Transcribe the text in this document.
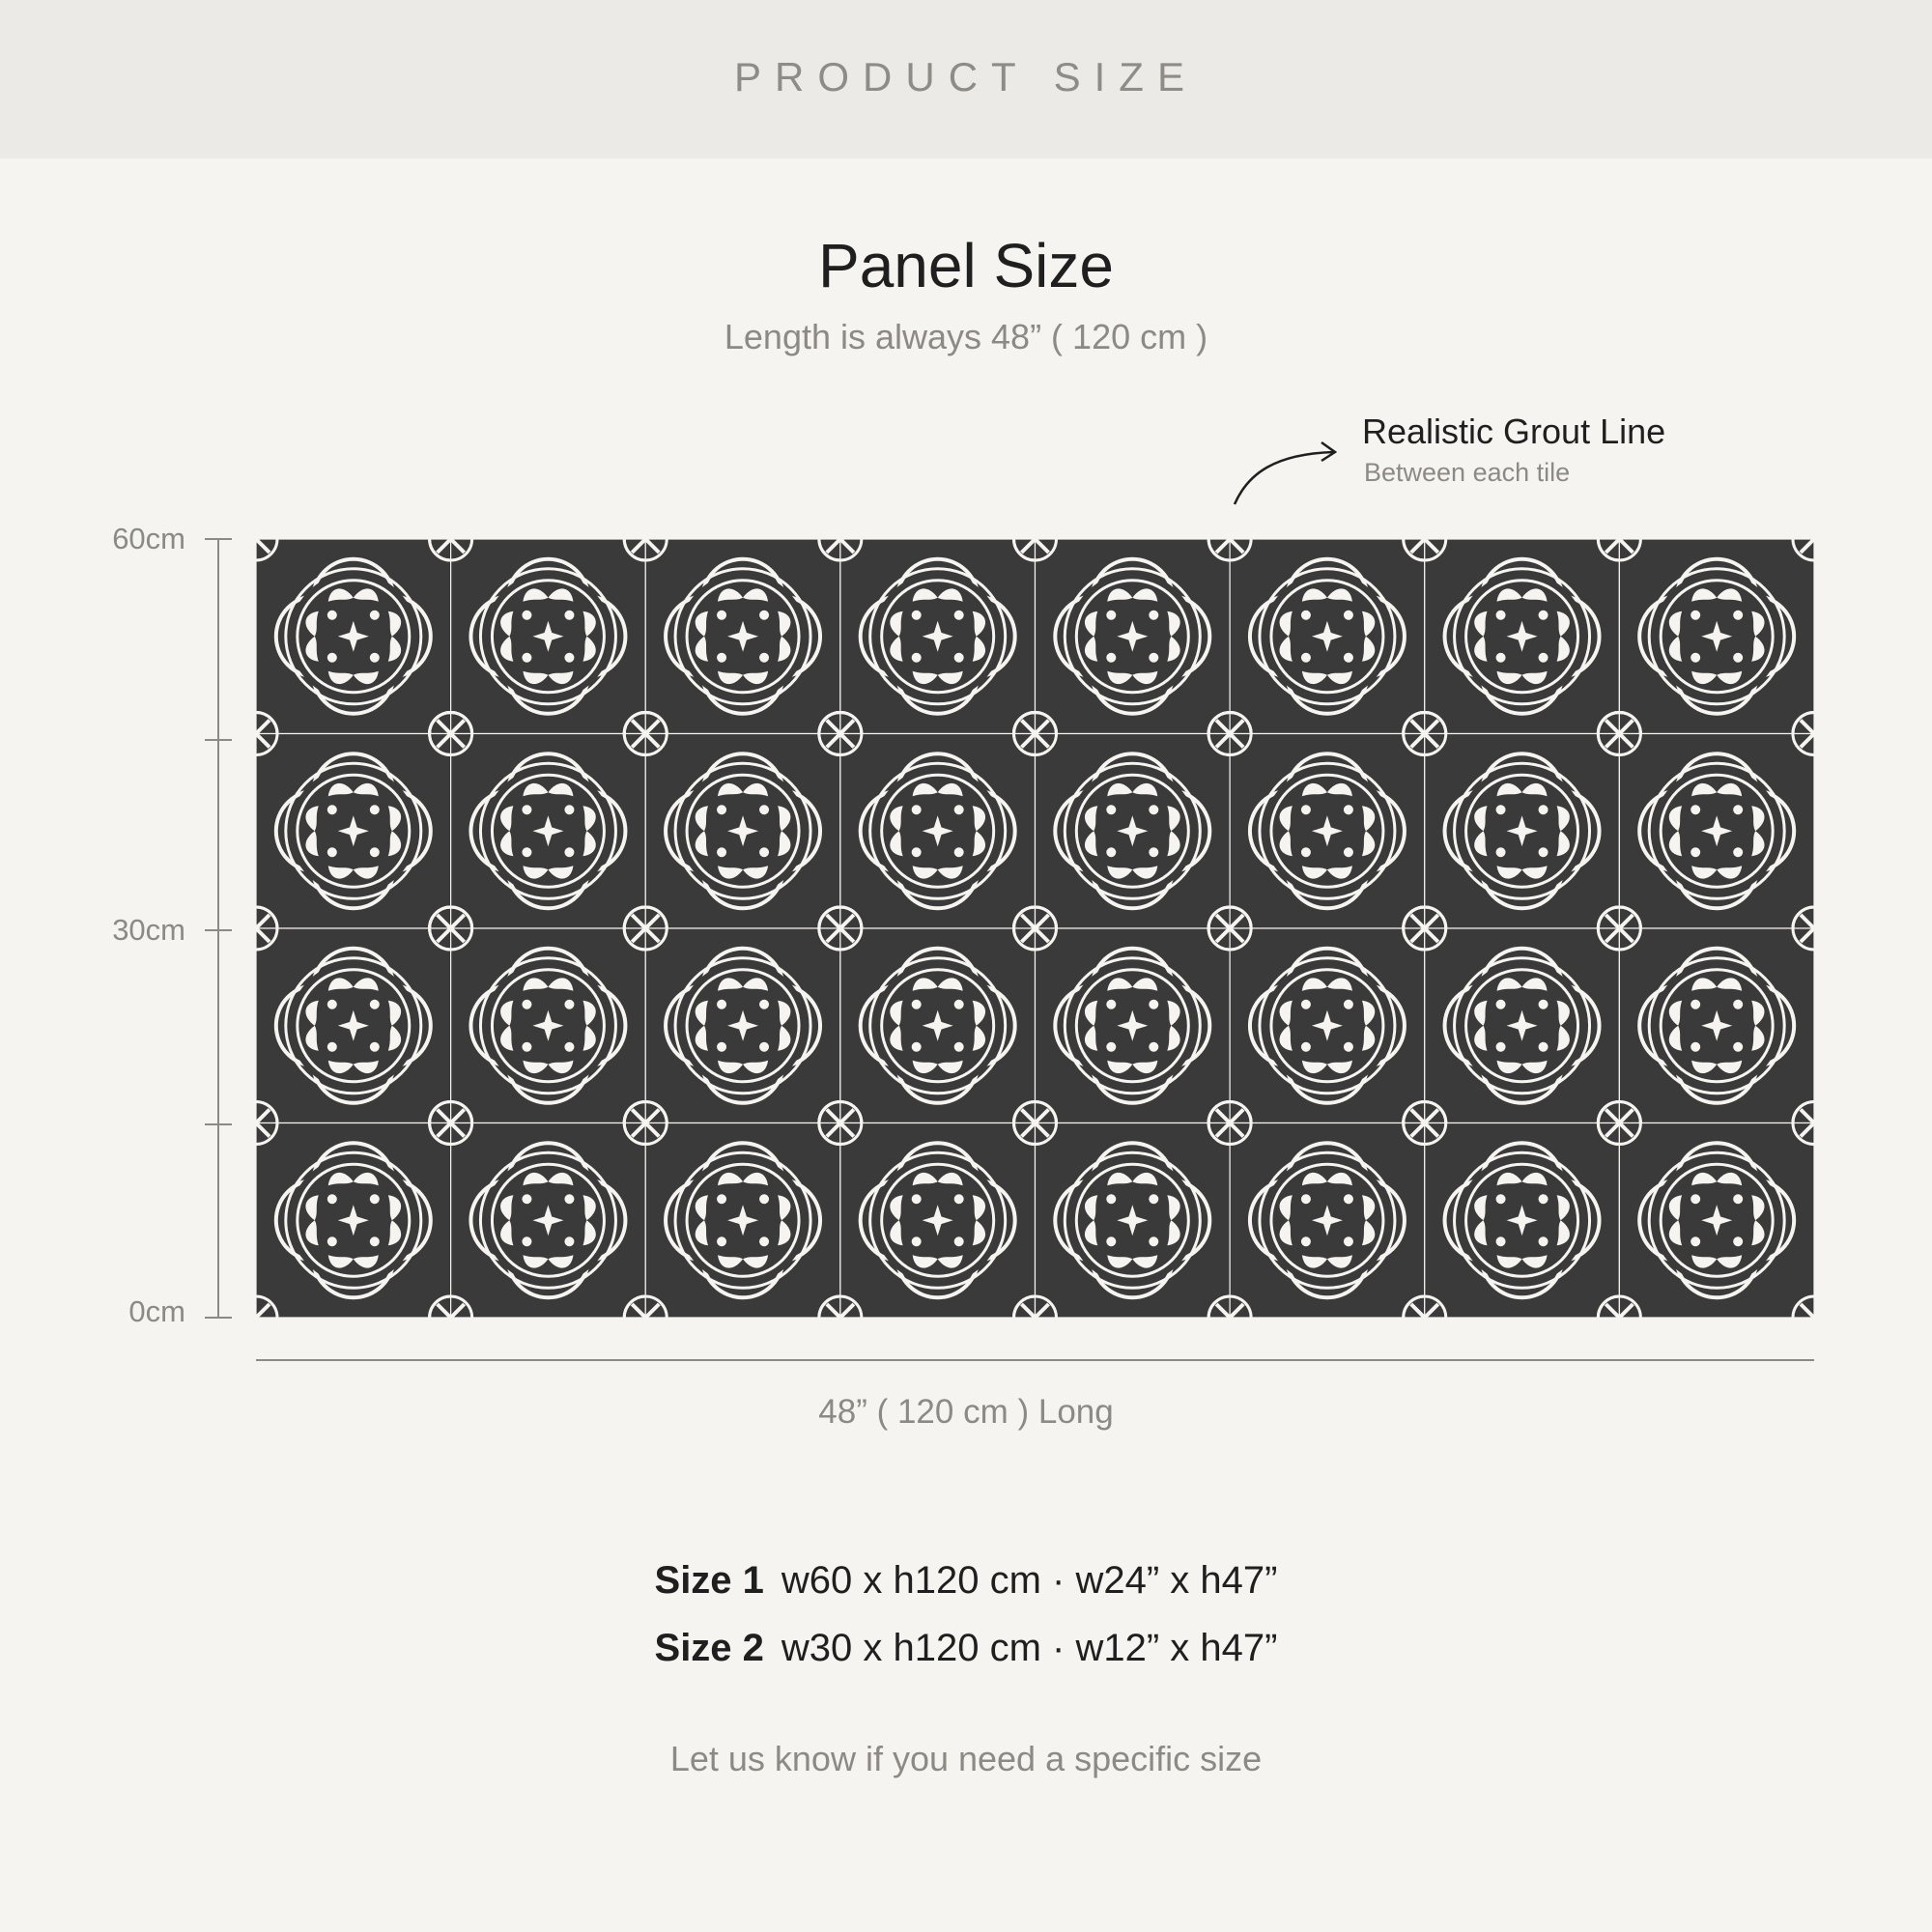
PRODUCT SIZE
Panel Size
Length is always 48” ( 120 cm )
Realistic Grout Line
Between each tile
60cm
30cm
0cm
48” ( 120 cm ) Long
Size 1 w60 x h120 cm · w24” x h47”
Size 2 w30 x h120 cm · w12” x h47”
Let us know if you need a specific size
